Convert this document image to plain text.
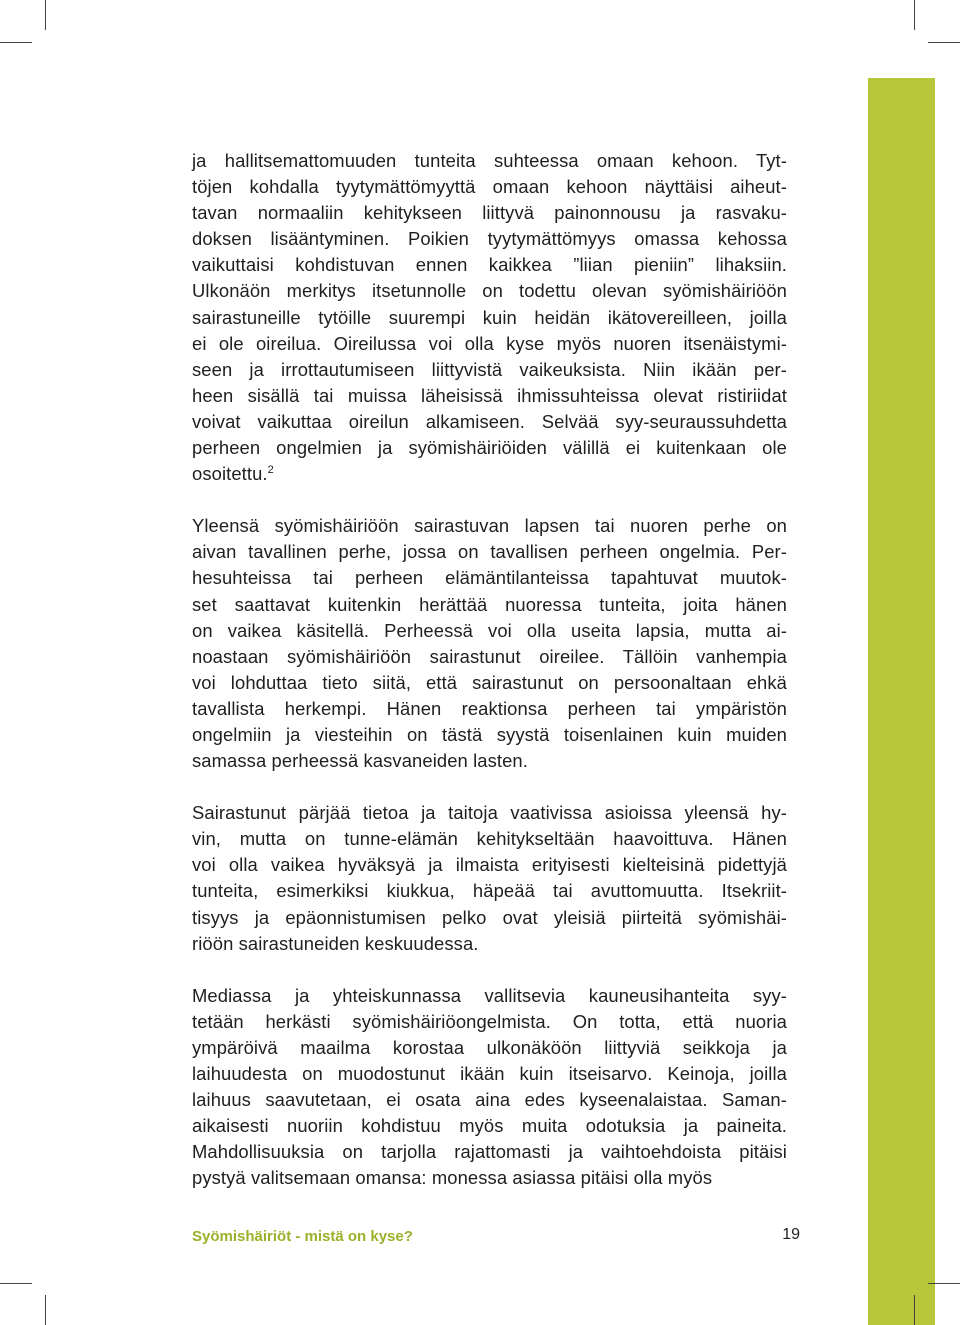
ja hallitsemattomuuden tunteita suhteessa omaan kehoon. Tyt-
töjen kohdalla tyytymättömyyttä omaan kehoon näyttäisi aiheut-
tavan normaaliin kehitykseen liittyvä painonnousu ja rasvaku-
doksen lisääntyminen. Poikien tyytymättömyys omassa kehossa
vaikuttaisi kohdistuvan ennen kaikkea ”liian pieniin” lihaksiin.
Ulkonäön merkitys itsetunnolle on todettu olevan syömishäiriöön
sairastuneille tytöille suurempi kuin heidän ikätovereilleen, joilla
ei ole oireilua. Oireilussa voi olla kyse myös nuoren itsenäistymi-
seen ja irrottautumiseen liittyvistä vaikeuksista. Niin ikään per-
heen sisällä tai muissa läheisissä ihmissuhteissa olevat ristiriidat
voivat vaikuttaa oireilun alkamiseen. Selvää syy-seuraussuhdetta
perheen ongelmien ja syömishäiriöiden välillä ei kuitenkaan ole
osoitettu.$^2$

Yleensä syömishäiriöön sairastuvan lapsen tai nuoren perhe on
aivan tavallinen perhe, jossa on tavallisen perheen ongelmia. Per-
hesuhteissa tai perheen elämäntilanteissa tapahtuvat muutok-
set saattavat kuitenkin herättää nuoressa tunteita, joita hänen
on vaikea käsitellä. Perheessä voi olla useita lapsia, mutta ai-
noastaan syömishäiriöön sairastunut oireilee. Tällöin vanhempia
voi lohduttaa tieto siitä, että sairastunut on persoonaltaan ehkä
tavallista herkempi. Hänen reaktionsa perheen tai ympäristön
ongelmiin ja viesteihin on tästä syystä toisenlainen kuin muiden
samassa perheessä kasvaneiden lasten.

Sairastunut pärjää tietoa ja taitoja vaativissa asioissa yleensä hy-
vin, mutta on tunne-elämän kehitykseltään haavoittuva. Hänen
voi olla vaikea hyväksyä ja ilmaista erityisesti kielteisinä pidettyjä
tunteita, esimerkiksi kiukkua, häpeää tai avuttomuutta. Itsekriit-
tisyys ja epäonnistumisen pelko ovat yleisiä piirteitä syömishäi-
riöön sairastuneiden keskuudessa.

Mediassa ja yhteiskunnassa vallitsevia kauneusihanteita syy-
tetään herkästi syömishäiriöongelmista. On totta, että nuoria
ympäröivä maailma korostaa ulkonäköön liittyviä seikkoja ja
laihuudesta on muodostunut ikään kuin itseisarvo. Keinoja, joilla
laihuus saavutetaan, ei osata aina edes kyseenalaistaa. Saman-
aikaisesti nuoriin kohdistuu myös muita odotuksia ja paineita.
Mahdollisuuksia on tarjolla rajattomasti ja vaihtoehdoista pitäisi
pystyä valitsemaan omansa: monessa asiassa pitäisi olla myös

Syömishäiriöt - mistä on kyse?	19
